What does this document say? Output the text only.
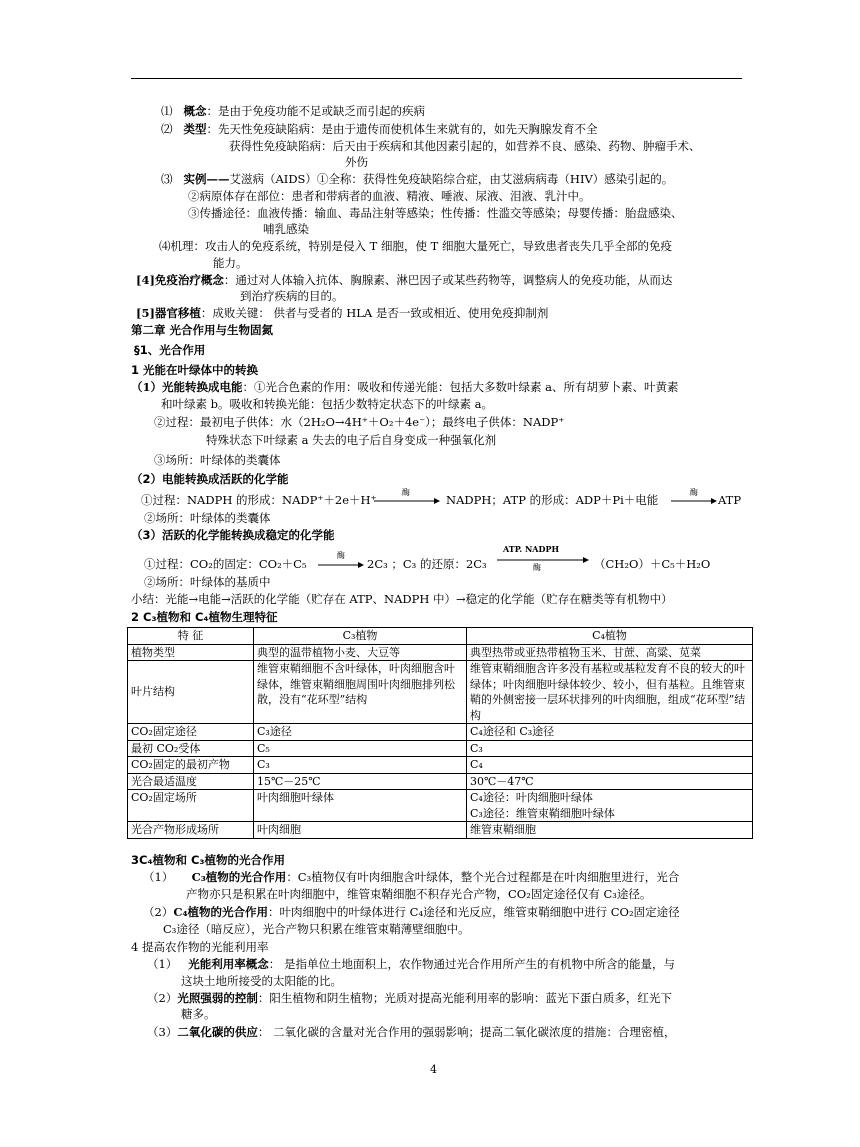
⑴ 概念：是由于免疫功能不足或缺乏而引起的疾病
⑵ 类型：先天性免疫缺陷病：是由于遗传而使机体生来就有的，如先天胸腺发育不全
获得性免疫缺陷病：后天由于疾病和其他因素引起的，如营养不良、感染、药物、肿瘤手术、
外伤
⑶ 实例——艾滋病（AIDS）①全称：获得性免疫缺陷综合症，由艾滋病病毒（HIV）感染引起的。
②病原体存在部位：患者和带病者的血液、精液、唾液、尿液、泪液、乳汁中。
③传播途径：血液传播：输血、毒品注射等感染；性传播：性滥交等感染；母婴传播：胎盘感染、
哺乳感染
⑷机理：攻击人的免疫系统，特别是侵入 T 细胞，使 T 细胞大量死亡，导致患者丧失几乎全部的免疫
能力。
[4]免疫治疗概念：通过对人体输入抗体、胸腺素、淋巴因子或某些药物等，调整病人的免疫功能，从而达
到治疗疾病的目的。
[5]器官移植：成败关键： 供者与受者的 HLA 是否一致或相近、使用免疫抑制剂
第二章 光合作用与生物固氮
§1、光合作用
1 光能在叶绿体中的转换
（1）光能转换成电能：①光合色素的作用：吸收和传递光能：包括大多数叶绿素 a、所有胡萝卜素、叶黄素
和叶绿素 b。吸收和转换光能：包括少数特定状态下的叶绿素 a。
②过程：最初电子供体：水（2H₂O→4H⁺＋O₂＋4e⁻）；最终电子供体：NADP⁺
特殊状态下叶绿素 a 失去的电子后自身变成一种强氧化剂
③场所：叶绿体的类囊体
（2）电能转换成活跃的化学能
①过程：NADPH 的形成：NADP⁺＋2e＋H⁺
酶
NADPH；ATP 的形成：ADP＋Pi＋电能
酶
→ ATP
②场所：叶绿体的类囊体
（3）活跃的化学能转换成稳定的化学能
①过程：CO₂的固定：CO₂＋C₅
酶
→ 2C₃ ；C₃ 的还原：2C₃
ATP. NADPH
酶	（CH₂O）＋C₅＋H₂O
②场所：叶绿体的基质中
小结：光能→电能→活跃的化学能（贮存在 ATP、NADPH 中）→稳定的化学能（贮存在糖类等有机物中）
2 C₃植物和 C₄植物生理特征
特 征	C₃植物	C₄植物
植物类型	典型的温带植物小麦、大豆等	典型热带或亚热带植物玉米、甘蔗、高粱、苋菜
叶片结构	维管束鞘细胞不含叶绿体，叶肉细胞含叶绿体，维管束鞘细胞周围叶肉细胞排列松散，没有“花环型”结构	维管束鞘细胞含许多没有基粒或基粒发育不良的较大的叶绿体；叶肉细胞叶绿体较少、较小，但有基粒。且维管束鞘的外侧密接一层环状排列的叶肉细胞，组成“花环型”结构
CO₂固定途径	C₃途径	C₄途径和 C₃途径
最初 CO₂受体	C₅	C₃
CO₂固定的最初产物	C₃	C₄
光合最适温度	15℃－25℃	30℃－47℃
CO₂固定场所	叶肉细胞叶绿体	C₄途径：叶肉细胞叶绿体
C₃途径：维管束鞘细胞叶绿体
光合产物形成场所	叶肉细胞	维管束鞘细胞
3C₄植物和 C₃植物的光合作用
（1） C₃植物的光合作用：C₃植物仅有叶肉细胞含叶绿体，整个光合过程都是在叶肉细胞里进行，光合
产物亦只是积累在叶肉细胞中，维管束鞘细胞不积存光合产物，CO₂固定途径仅有 C₃途径。
（2）C₄植物的光合作用：叶肉细胞中的叶绿体进行 C₄途径和光反应，维管束鞘细胞中进行 CO₂固定途径
C₃途径（暗反应），光合产物只积累在维管束鞘薄壁细胞中。
4 提高农作物的光能利用率
（1） 光能利用率概念： 是指单位土地面积上，农作物通过光合作用所产生的有机物中所含的能量，与
这块土地所接受的太阳能的比。
（2）光照强弱的控制：阳生植物和阴生植物；光质对提高光能利用率的影响：蓝光下蛋白质多，红光下
糖多。
（3）二氧化碳的供应： 二氧化碳的含量对光合作用的强弱影响；提高二氧化碳浓度的措施：合理密植，
4
